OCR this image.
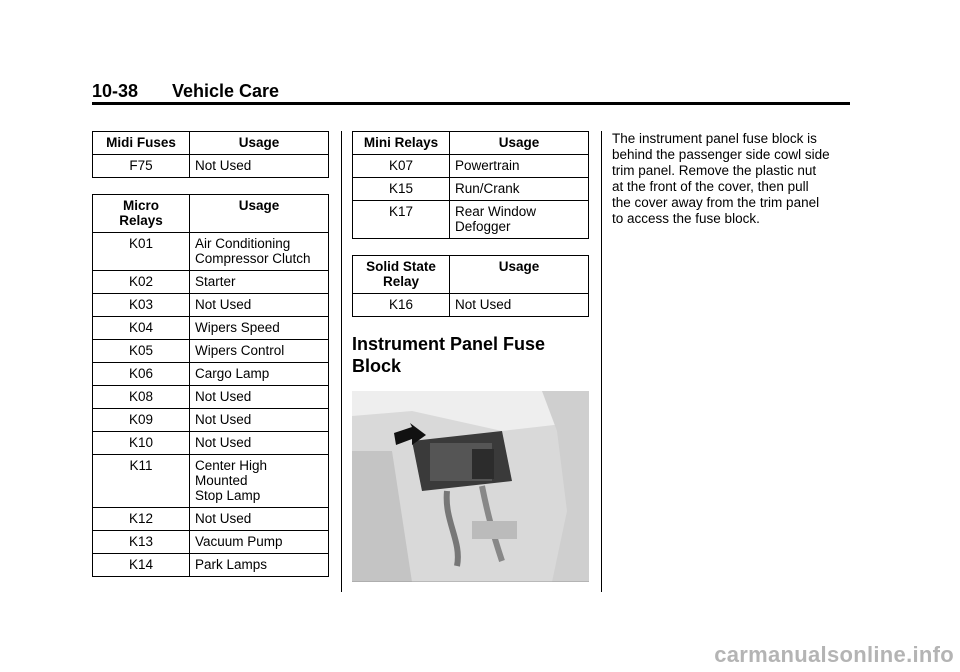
10-38 Vehicle Care
Midi Fuses	Usage

F75	Not Used
Micro
Relays	Usage

K01	Air Conditioning
Compressor Clutch

K02	Starter

K03	Not Used

K04	Wipers Speed

K05	Wipers Control

K06	Cargo Lamp

K08	Not Used

K09	Not Used

K10	Not Used

K11	Center High
Mounted
Stop Lamp

K12	Not Used

K13	Vacuum Pump

K14	Park Lamps
Mini Relays	Usage

K07	Powertrain

K15	Run/Crank

K17	Rear Window
Defogger
Solid State
Relay	Usage

K16	Not Used
Instrument Panel Fuse
Block

The instrument panel fuse block is
behind the passenger side cowl side
trim panel. Remove the plastic nut
at the front of the cover, then pull
the cover away from the trim panel
to access the fuse block.

carmanualsonline.info
